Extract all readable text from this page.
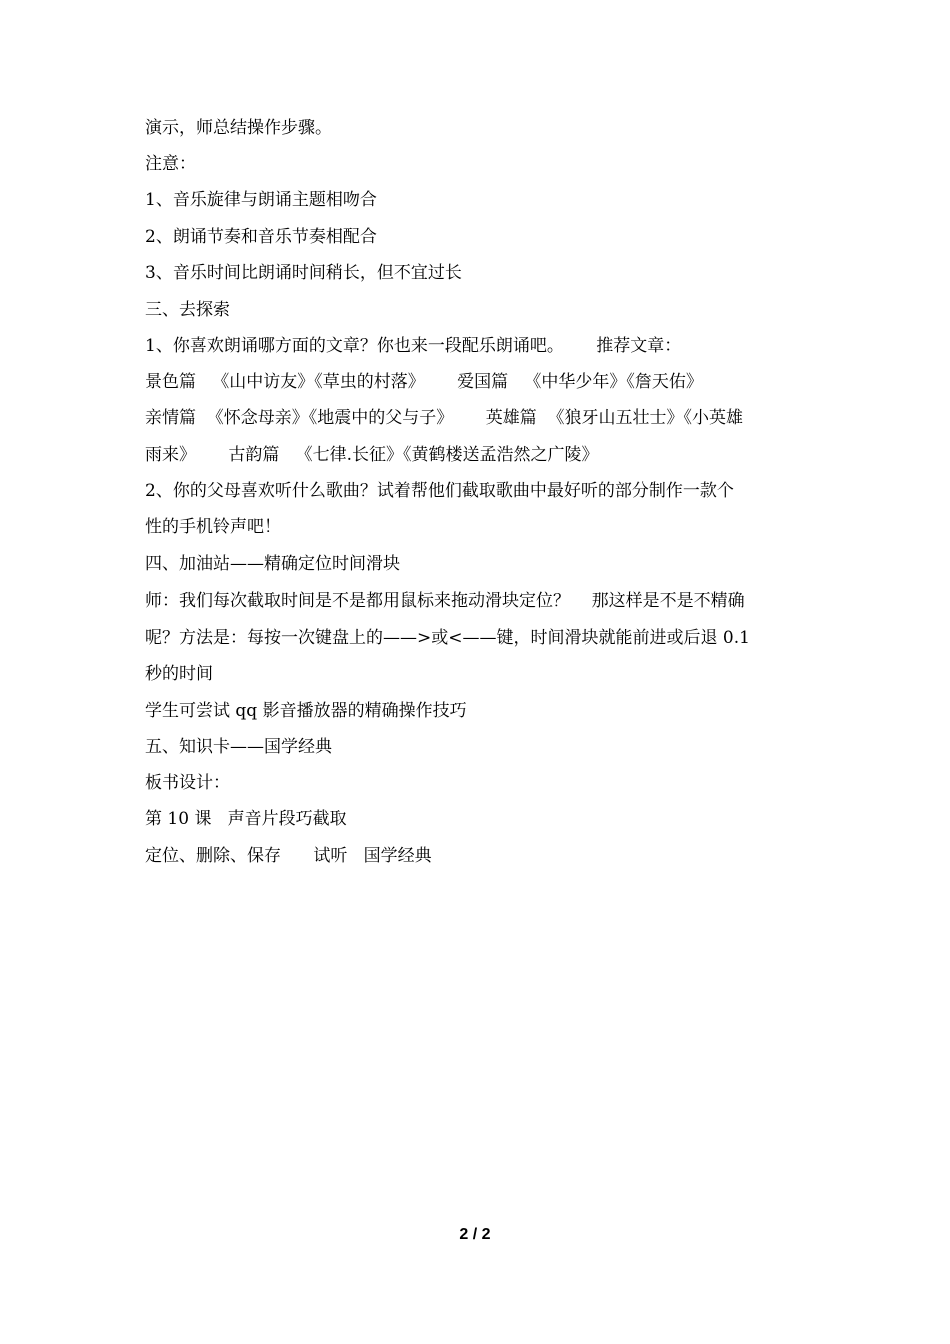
演示，师总结操作步骤。
注意：
1、音乐旋律与朗诵主题相吻合
2、朗诵节奏和音乐节奏相配合
3、音乐时间比朗诵时间稍长，但不宜过长
三、去探索
1、你喜欢朗诵哪方面的文章？你也来一段配乐朗诵吧。      推荐文章：
景色篇   《山中访友》《草虫的村落》      爱国篇   《中华少年》《詹天佑》
亲情篇  《怀念母亲》《地震中的父与子》      英雄篇  《狼牙山五壮士》《小英雄
雨来》      古韵篇   《七律.长征》《黄鹤楼送孟浩然之广陵》
2、你的父母喜欢听什么歌曲？试着帮他们截取歌曲中最好听的部分制作一款个
性的手机铃声吧！
四、加油站——精确定位时间滑块
师：我们每次截取时间是不是都用鼠标来拖动滑块定位？    那这样是不是不精确
呢？方法是：每按一次键盘上的——>或<——键，时间滑块就能前进或后退 0.1
秒的时间
学生可尝试 qq 影音播放器的精确操作技巧
五、知识卡——国学经典
板书设计：
第 10 课   声音片段巧截取
定位、删除、保存      试听   国学经典
2 / 2
